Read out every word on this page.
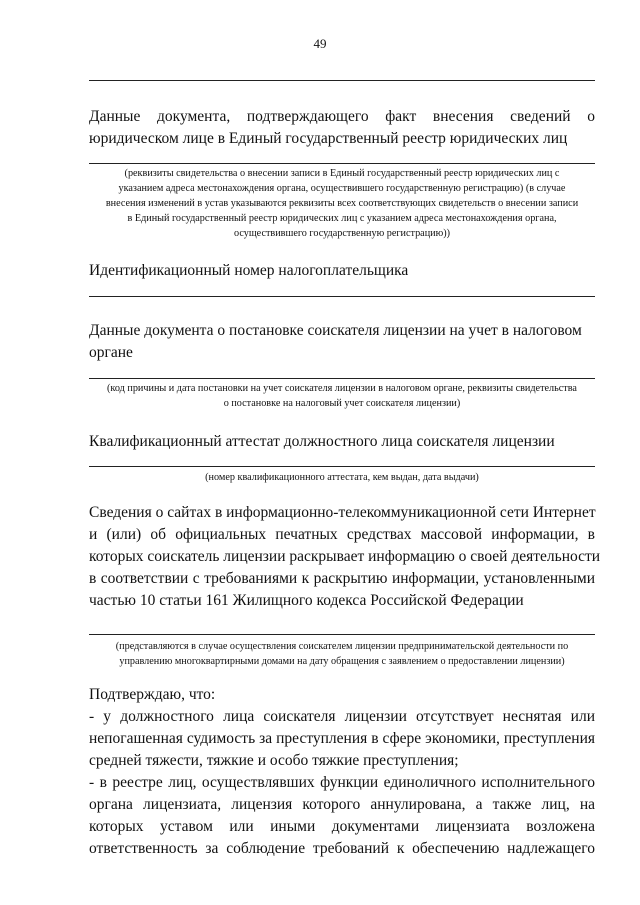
49
Данные документа, подтверждающего факт внесения сведений о
юридическом лице в Единый государственный реестр юридических лиц
(реквизиты свидетельства о внесении записи в Единый государственный реестр юридических лиц с
указанием адреса местонахождения органа, осуществившего государственную регистрацию) (в случае
внесения изменений в устав указываются реквизиты всех соответствующих свидетельств о внесении записи
в Единый государственный реестр юридических лиц с указанием адреса местонахождения органа,
осуществившего государственную регистрацию))
Идентификационный номер налогоплательщика
Данные документа о постановке соискателя лицензии на учет в налоговом
органе
(код причины и дата постановки на учет соискателя лицензии в налоговом органе, реквизиты свидетельства
о постановке на налоговый учет соискателя лицензии)
Квалификационный аттестат должностного лица соискателя лицензии
(номер квалификационного аттестата, кем выдан, дата выдачи)
Сведения о сайтах в информационно-телекоммуникационной сети Интернет
и (или) об официальных печатных средствах массовой информации, в
которых соискатель лицензии раскрывает информацию о своей деятельности
в соответствии с требованиями к раскрытию информации, установленными
частью 10 статьи 161 Жилищного кодекса Российской Федерации
(представляются в случае осуществления соискателем лицензии предпринимательской деятельности по
управлению многоквартирными домами на дату обращения с заявлением о предоставлении лицензии)
Подтверждаю, что:
- у должностного лица соискателя лицензии отсутствует неснятая или
непогашенная судимость за преступления в сфере экономики, преступления
средней тяжести, тяжкие и особо тяжкие преступления;
- в реестре лиц, осуществлявших функции единоличного исполнительного
органа лицензиата, лицензия которого аннулирована, а также лиц, на
которых уставом или иными документами лицензиата возложена
ответственность за соблюдение требований к обеспечению надлежащего
